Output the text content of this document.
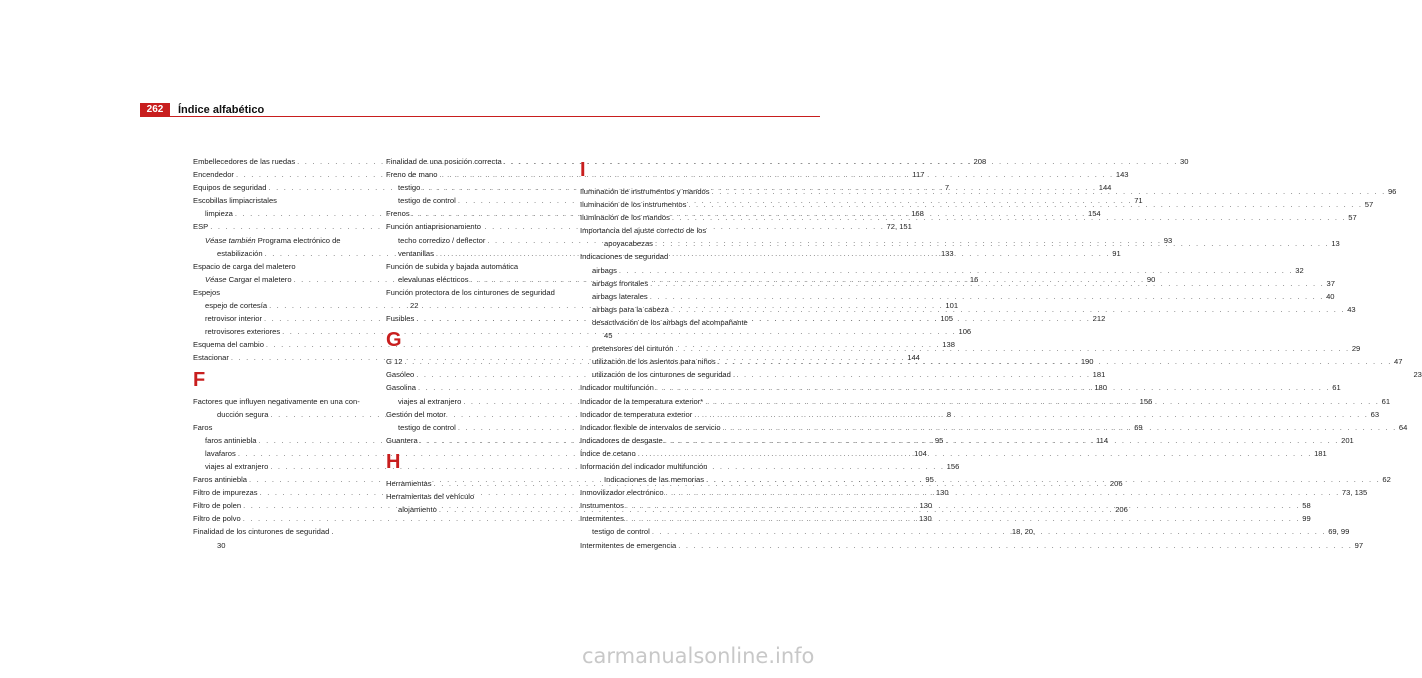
262	Índice alfabético
Embellecedores de las ruedas . . .	208
Encendedor . . .	117
Equipos de seguridad . . .	7
Escobillas limpiacristales
limpieza . . .	168
ESP . . .	72, 151
Véase también Programa electrónico de
estabilización . . .	133
Espacio de carga del maletero
Véase Cargar el maletero . . .	16
Espejos
espejo de cortesía . . .	101
retrovisor interior . . .	105
retrovisores exteriores . . .	106
Esquema del cambio . . .	138
Estacionar . . .	144
F
Factores que influyen negativamente en una con-
ducción segura . . .	8
Faros
faros antiniebla . . .	95
lavafaros . . .	104
viajes al extranjero . . .	156
Faros antiniebla . . .	95
Filtro de impurezas . . .	130
Filtro de polen . . .	130
Filtro de polvo . . .	130
Finalidad de los cinturones de seguridad .	18, 20,
30
Finalidad de una posición correcta . . .	30
Freno de mano . . .	143
testigo . . .	144
testigo de control . . .	71
Frenos . . .	154
Función antiaprisionamiento
techo corredizo / deflector . . .	93
ventanillas . . .	91
Función de subida y bajada automática
elevalunas eléctricos . . .	90
Función protectora de los cinturones de seguridad
22
Fusibles . . .	212
G
G 12 . . .	190
Gasóleo . . .	181
Gasolina . . .	180
viajes al extranjero . . .	156
Gestión del motor
testigo de control . . .	69
Guantera . . .	114
H
Herramientas . . .	206
Herramientas del vehículo
alojamiento . . .	206
I
Iluminación de instrumentos y mandos . . .	96
Iluminación de los instrumentos . . .	57
Iluminación de los mandos . . .	57
Importancia del ajuste correcto de los
apoyacabezas . . .	13
Indicaciones de seguridad
airbags . . .	32
airbags frontales . . .	37
airbags laterales . . .	40
airbags para la cabeza . . .	43
desactivación de los airbags del acompañante
45
pretensores del cinturón . . .	29
utilización de los asientos para niños . . .	47
utilización de los cinturones de seguridad .	23
Indicador multifunción . . .	61
Indicador de la temperatura exterior* . . .	61
Indicador de temperatura exterior . . .	63
Indicador flexible de intervalos de servicio . . .	64
Indicadores de desgaste . . .	201
Índice de cetano . . .	181
Información del indicador multifunción
Indicaciones de las memorias . . .	62
Inmovilizador electrónico . . .	73, 135
Instrumentos . . .	58
Intermitentes . . .	99
testigo de control . . .	69, 99
Intermitentes de emergencia . . .	97
carmanualsonline.info
